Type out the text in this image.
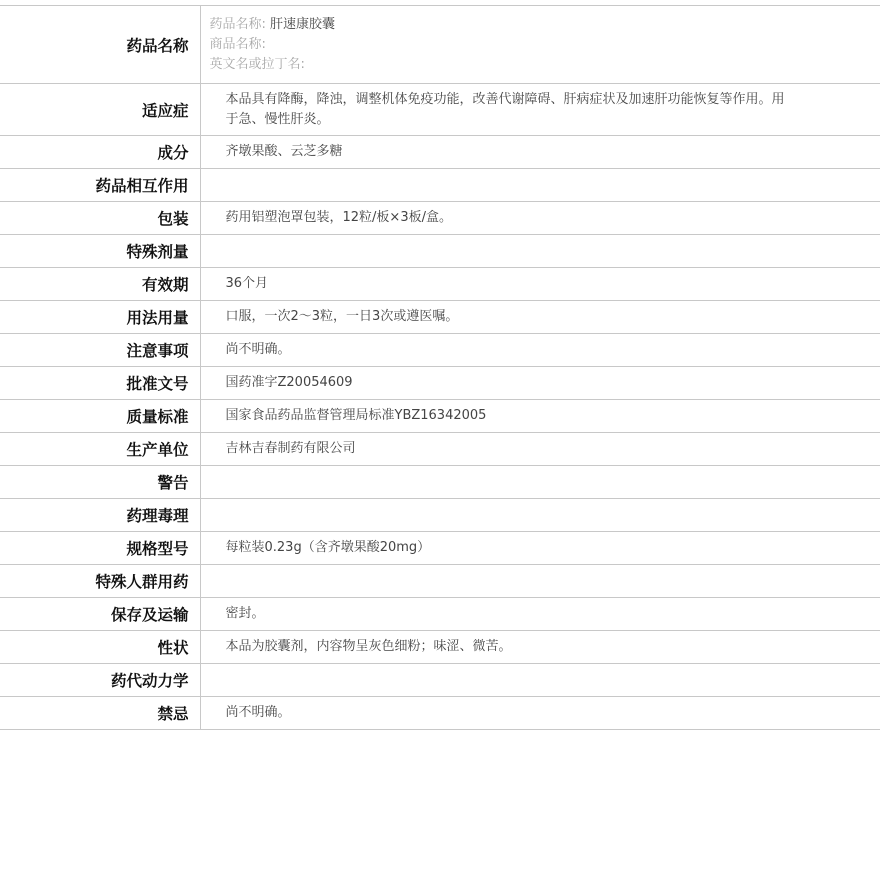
药品名称	药品名称: 肝速康胶囊
商品名称:
英文名或拉丁名:

适应症	本品具有降酶，降浊，调整机体免疫功能，改善代谢障碍、肝病症状及加速肝功能恢复等作用。用于急、慢性肝炎。
成分	齐墩果酸、云芝多糖
药品相互作用	
包装	药用铝塑泡罩包装，12粒/板×3板/盒。
特殊剂量	
有效期	36个月
用法用量	口服，一次2～3粒，一日3次或遵医嘱。
注意事项	尚不明确。
批准文号	国药准字Z20054609
质量标准	国家食品药品监督管理局标准YBZ16342005
生产单位	吉林吉春制药有限公司
警告	
药理毒理	
规格型号	每粒装0.23g（含齐墩果酸20mg）
特殊人群用药	
保存及运输	密封。
性状	本品为胶囊剂，内容物呈灰色细粉；味涩、微苦。
药代动力学	
禁忌	尚不明确。
